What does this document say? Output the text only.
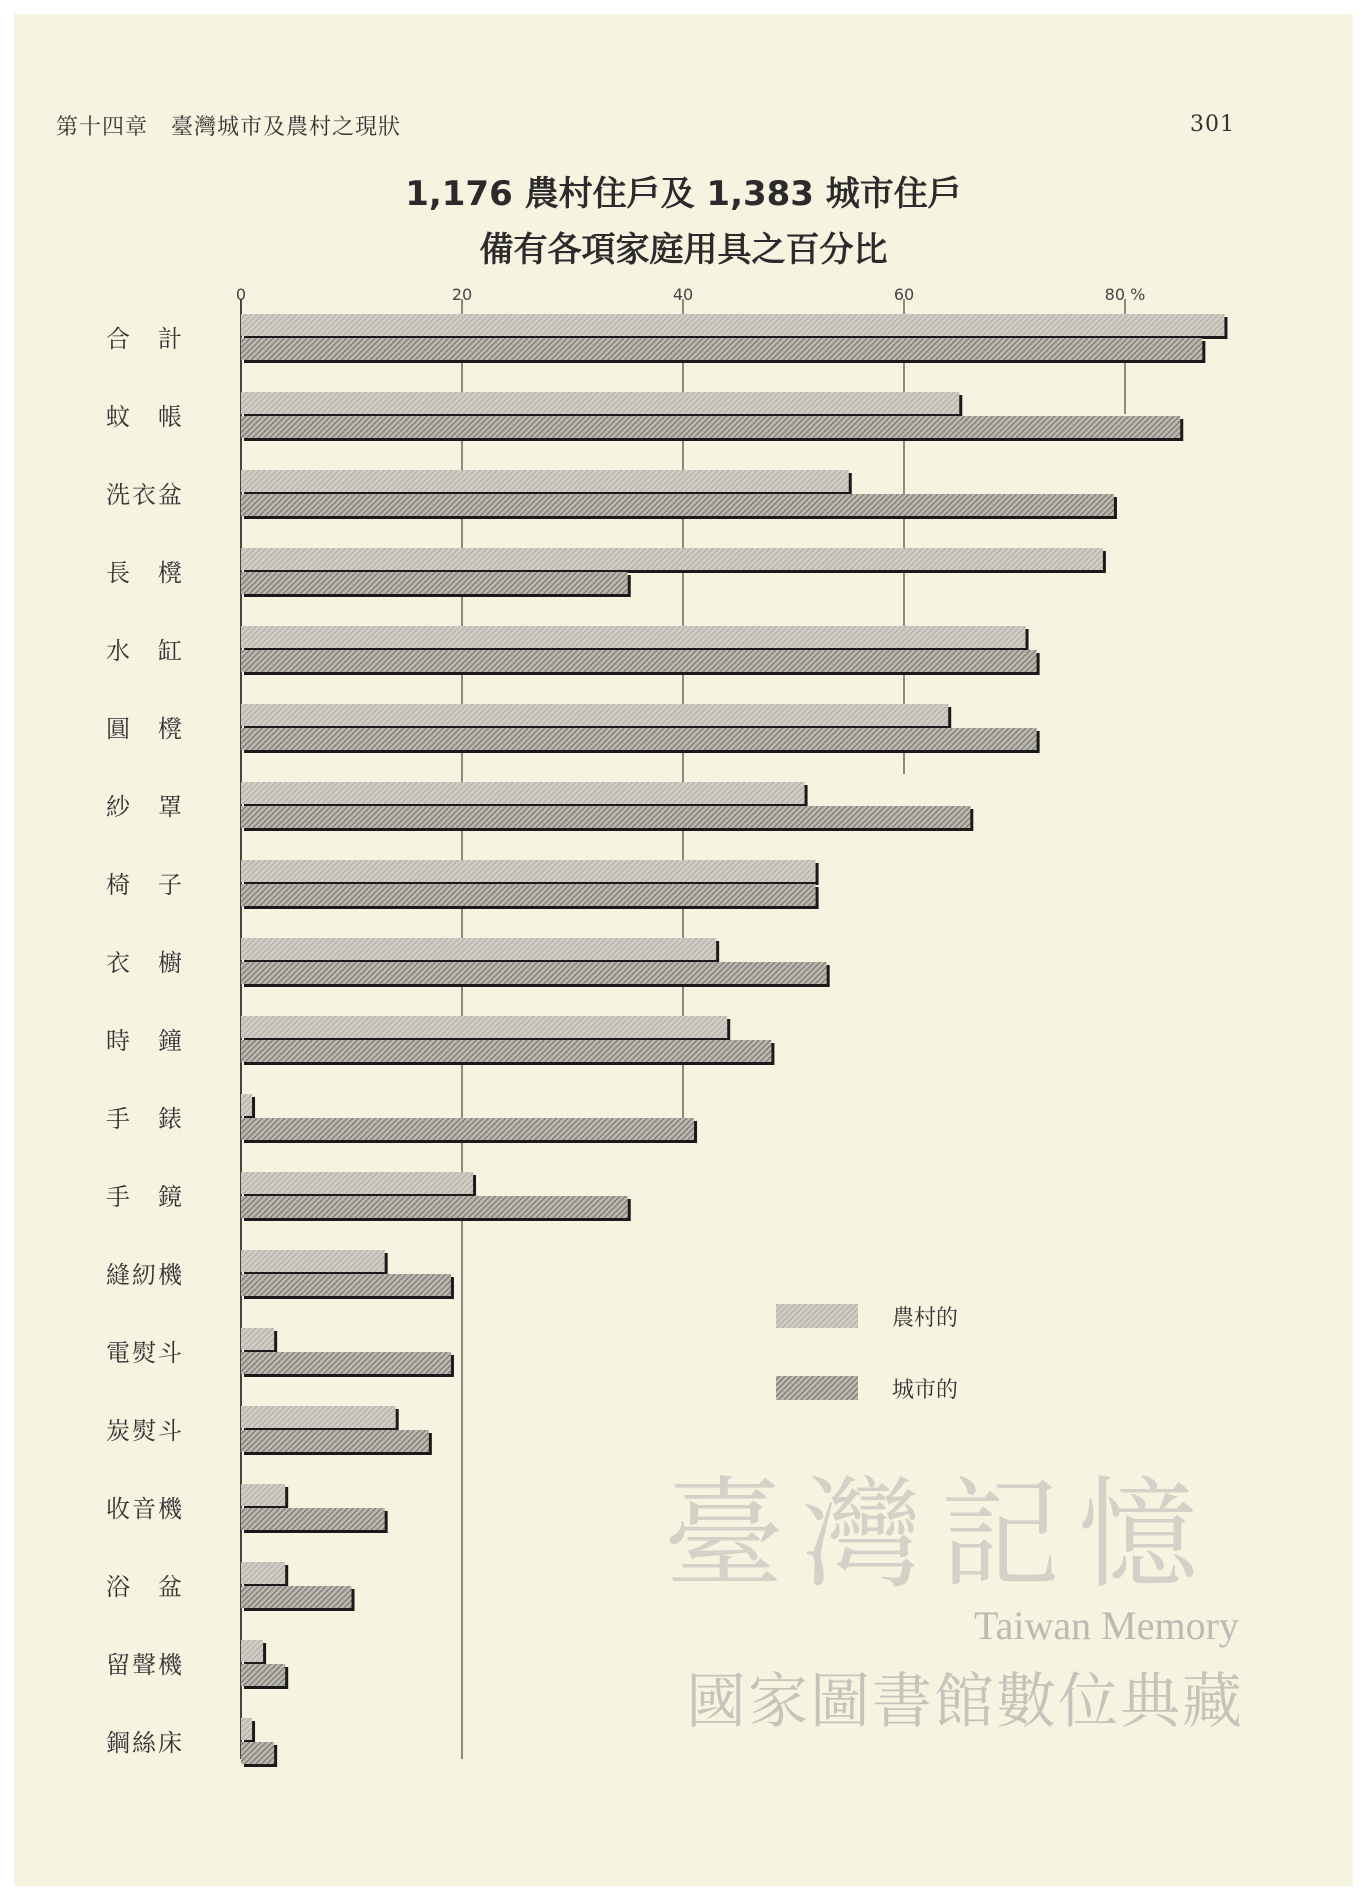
第十四章　臺灣城市及農村之現狀	301
1,176 農村住戶及 1,383 城市住戶
備有各項家庭用具之百分比
0	20	40	60	80 %
合　計
蚊　帳
洗衣盆
長　櫈
水　缸
圓　櫈
紗　罩
椅　子
衣　櫥
時　鐘
手　錶
手　鏡
縫紉機
電熨斗
炭熨斗
收音機
浴　盆
留聲機
鋼絲床
農村的
城市的
臺灣記憶
Taiwan Memory
國家圖書館數位典藏
